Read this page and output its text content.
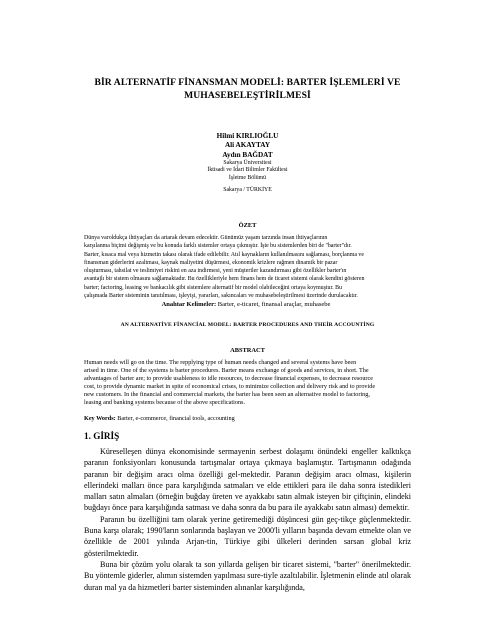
BİR ALTERNATİF FİNANSMAN MODELİ: BARTER İŞLEMLERİ VE
MUHASEBELEŞTİRİLMESİ
Hilmi KIRLIOĞLU
Ali AKAYTAY
Aydın BAĞDAT
Sakarya Üniversitesi
İktisadi ve İdari Bilimler Fakültesi
İşletme Bölümü
Sakarya / TÜRKİYE
ÖZET

Dünya varoldukça ihtiyaçları da artarak devam edecektir. Günümüz yaşam tarzında insan ihtiyaçlarının

karşılanma biçimi değişmiş ve bu konuda farklı sistemler ortaya çıkmıştır. İşte bu sistemlerden biri de "barter"dır.

Barter, kısaca mal veya hizmetin takası olarak ifade edilebilir. Atıl kaynakların kullanılmasını sağlaması, borçlanma ve

finansman giderlerini azaltması, kaynak maliyetini düşürmesi, ekonomik krizlere rağmen dinamik bir pazar

oluşturması, tahsilat ve teslimiyet riskini en aza indirmesi, yeni müşteriler kazandırması gibi özellikler barter'ın

avantajlı bir sistem olmasını sağlamaktadır. Bu özellikleriyle hem finans hem de ticaret sistemi olarak kendini gösteren

barter; factoring, leasing ve bankacılık gibi sistemlere alternatif bir model olabileceğini ortaya koymuştur. Bu

çalışmada Barter sisteminin tanıtılması, işleyişi, yararları, sakıncaları ve muhasebeleştirilmesi üzerinde durulacaktır.

Anahtar Kelimeler: Barter, e-ticaret, finansal araçlar, muhasebe
AN ALTERNATİVE FİNANCİAL MODEL: BARTER PROCEDURES AND THEİR ACCOUNTİNG
ABSTRACT

Human needs will go on the time. The repplying type of human needs changed and several systems have been

arised in time. One of the systems is barter procedures. Barter means exchange of goods and services, in short. The

advantages of barter are; to provide usableness to idle resources, to decrease financial expenses, to decrease resource

cost, to provide dynamic market in spite of economical crises, to minimize collection and delivery risk and to provide

new customers. In the financial and commercial markets, the barter has been seen an alternative model to factoring,

leasing and banking systems because of the above specifications.

Key Words: Barter, e-commerce, financial tools, accounting
1. GİRİŞ

Küreselleşen dünya ekonomisinde sermayenin serbest dolaşımı önündeki engeller kalktıkça paranın fonksiyonları konusunda tartışmalar ortaya çıkmaya başlamıştır. Tartışmanın odağında paranın bir değişim aracı olma özelliği gel-mektedir. Paranın değişim aracı olması, kişilerin ellerindeki malları önce para karşılığında satmaları ve elde ettikleri para ile daha sonra istedikleri malları satın almaları (örneğin buğday üreten ve ayakkabı satın almak isteyen bir çiftçinin, elindeki buğdayı önce para karşılığında satması ve daha sonra da bu para ile ayakkabı satın alması) demektir.

Paranın bu özelliğini tam olarak yerine getiremediği düşüncesi gün geç-tikçe güçlenmektedir. Buna karşı olarak; 1990'ların sonlarında başlayan ve 2000'li yılların başında devam etmekte olan ve özellikle de 2001 yılında Arjan-tin, Türkiye gibi ülkeleri derinden sarsan global kriz gösterilmektedir.

Buna bir çözüm yolu olarak ta son yıllarda gelişen bir ticaret sistemi, "barter" önerilmektedir. Bu yöntemle giderler, alımın sistemden yapılması sure-tiyle azaltılabilir. İşletmenin elinde atıl olarak duran mal ya da hizmetleri barter sisteminden alınanlar karşılığında,
